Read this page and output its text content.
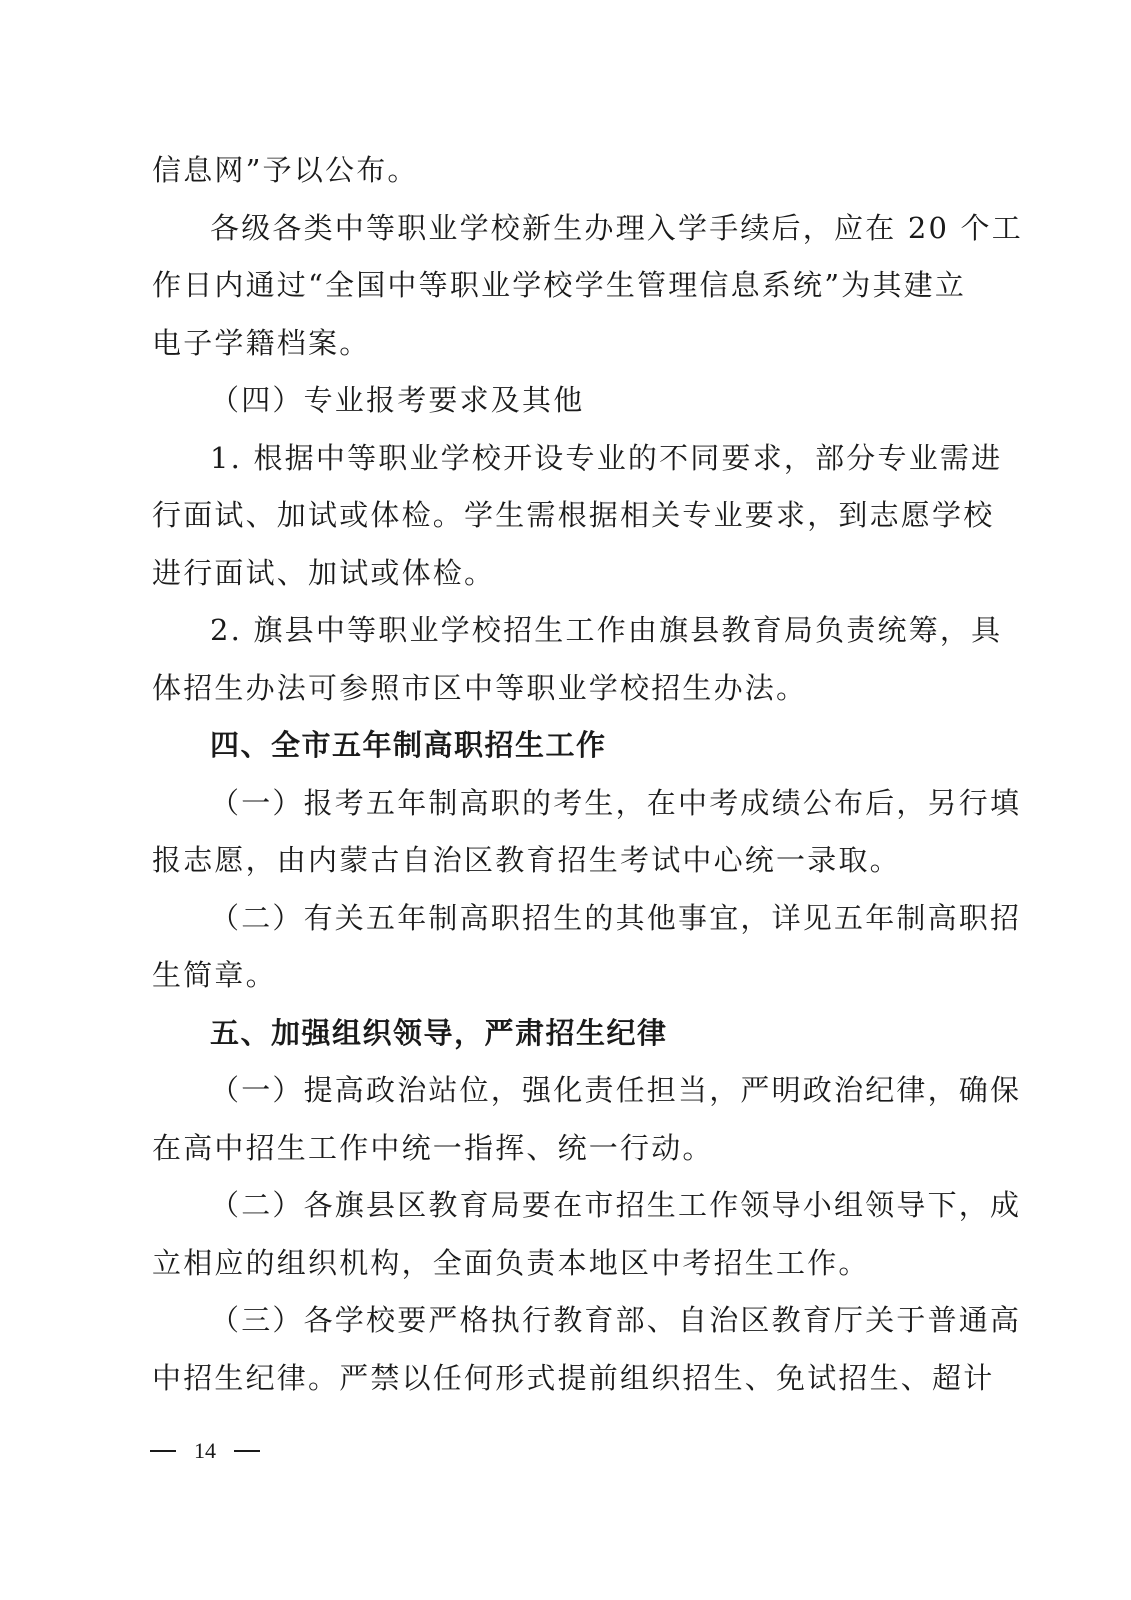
信息网”予以公布。
各级各类中等职业学校新生办理入学手续后，应在 20 个工
作日内通过“全国中等职业学校学生管理信息系统”为其建立
电子学籍档案。
（四）专业报考要求及其他
1. 根据中等职业学校开设专业的不同要求，部分专业需进
行面试、加试或体检。学生需根据相关专业要求，到志愿学校
进行面试、加试或体检。
2. 旗县中等职业学校招生工作由旗县教育局负责统筹，具
体招生办法可参照市区中等职业学校招生办法。
四、全市五年制高职招生工作
（一）报考五年制高职的考生，在中考成绩公布后，另行填
报志愿，由内蒙古自治区教育招生考试中心统一录取。
（二）有关五年制高职招生的其他事宜，详见五年制高职招
生简章。
五、加强组织领导，严肃招生纪律
（一）提高政治站位，强化责任担当，严明政治纪律，确保
在高中招生工作中统一指挥、统一行动。
（二）各旗县区教育局要在市招生工作领导小组领导下，成
立相应的组织机构，全面负责本地区中考招生工作。
（三）各学校要严格执行教育部、自治区教育厅关于普通高
中招生纪律。严禁以任何形式提前组织招生、免试招生、超计
14
